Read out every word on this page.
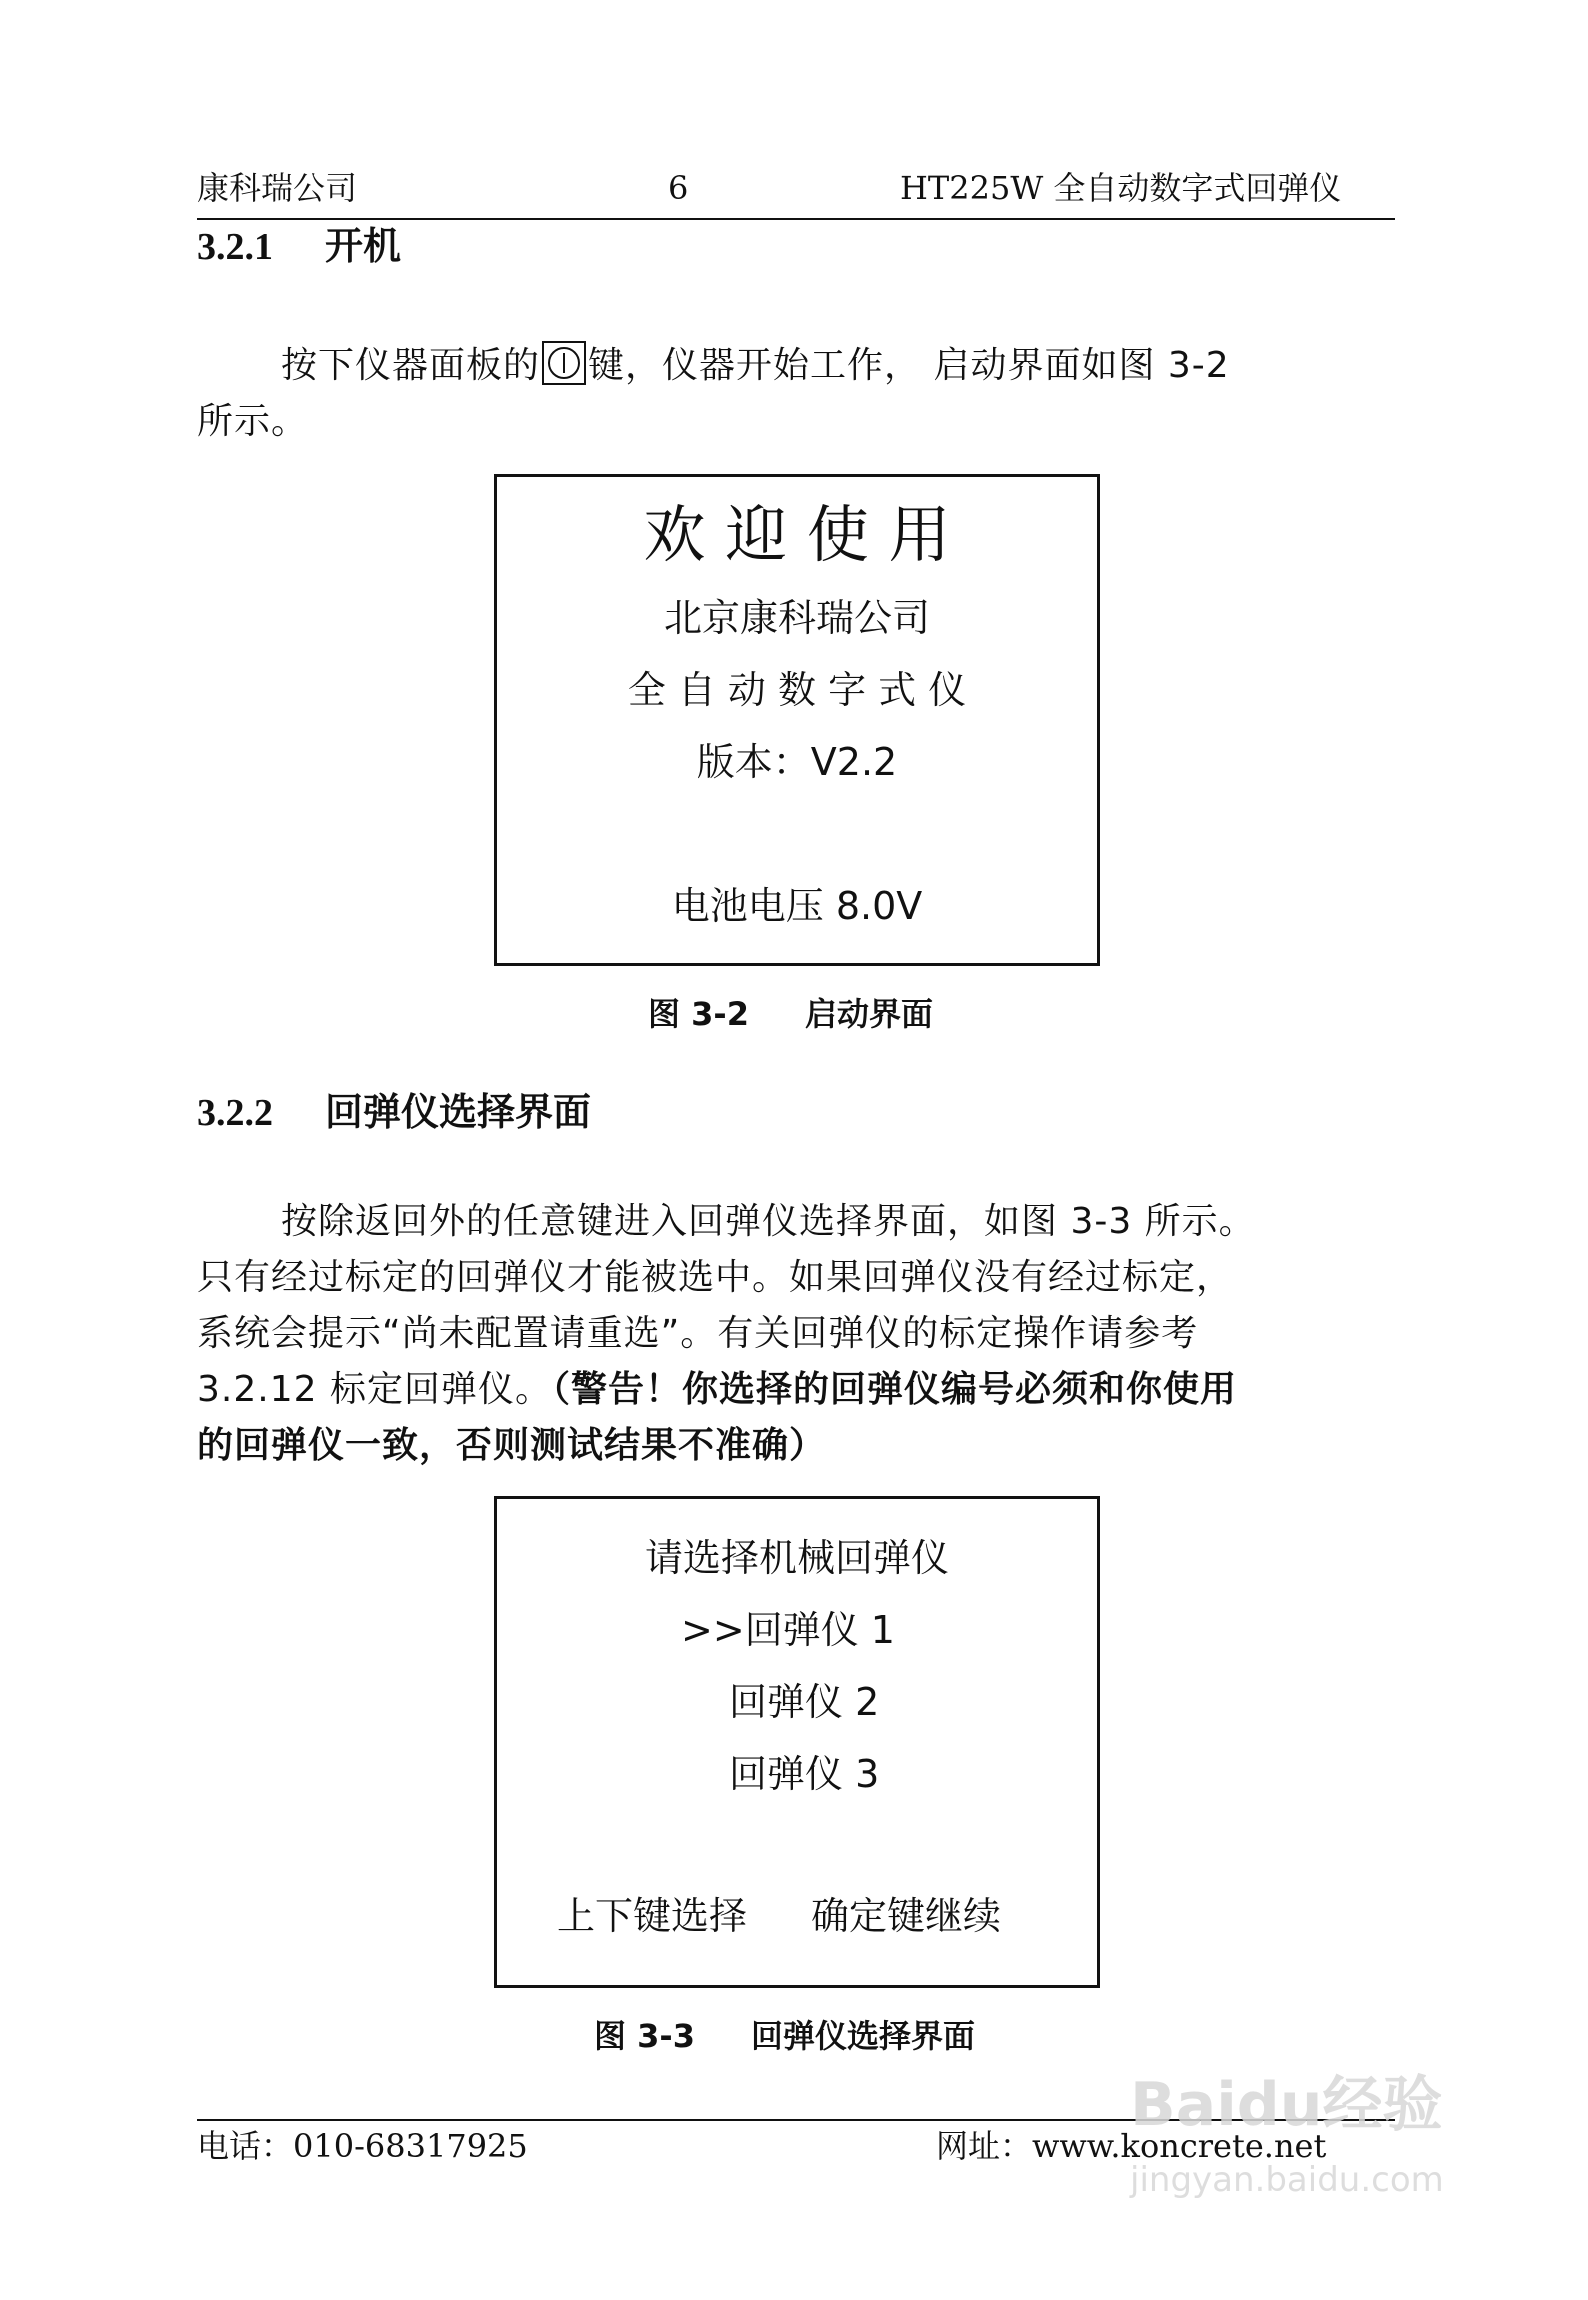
康科瑞公司	6	HT225W 全自动数字式回弹仪
3.2.1 开机
按下仪器面板的 键，仪器开始工作， 启动界面如图 3-2
所示。
欢 迎 使 用
北京康科瑞公司
全 自 动 数 字 式 仪
版本：V2.2
电池电压 8.0V
图 3-2 启动界面
3.2.2 回弹仪选择界面
按除返回外的任意键进入回弹仪选择界面，如图 3-3 所示。
只有经过标定的回弹仪才能被选中。如果回弹仪没有经过标定，
系统会提示“尚未配置请重选”。有关回弹仪的标定操作请参考
3.2.12 标定回弹仪。（警告！你选择的回弹仪编号必须和你使用
的回弹仪一致，否则测试结果不准确）
请选择机械回弹仪
>>回弹仪 1
回弹仪 2
回弹仪 3
上下键选择 确定键继续
图 3-3 回弹仪选择界面
电话：010-68317925	网址：www.koncrete.net
Baidu经验
jingyan.baidu.com
